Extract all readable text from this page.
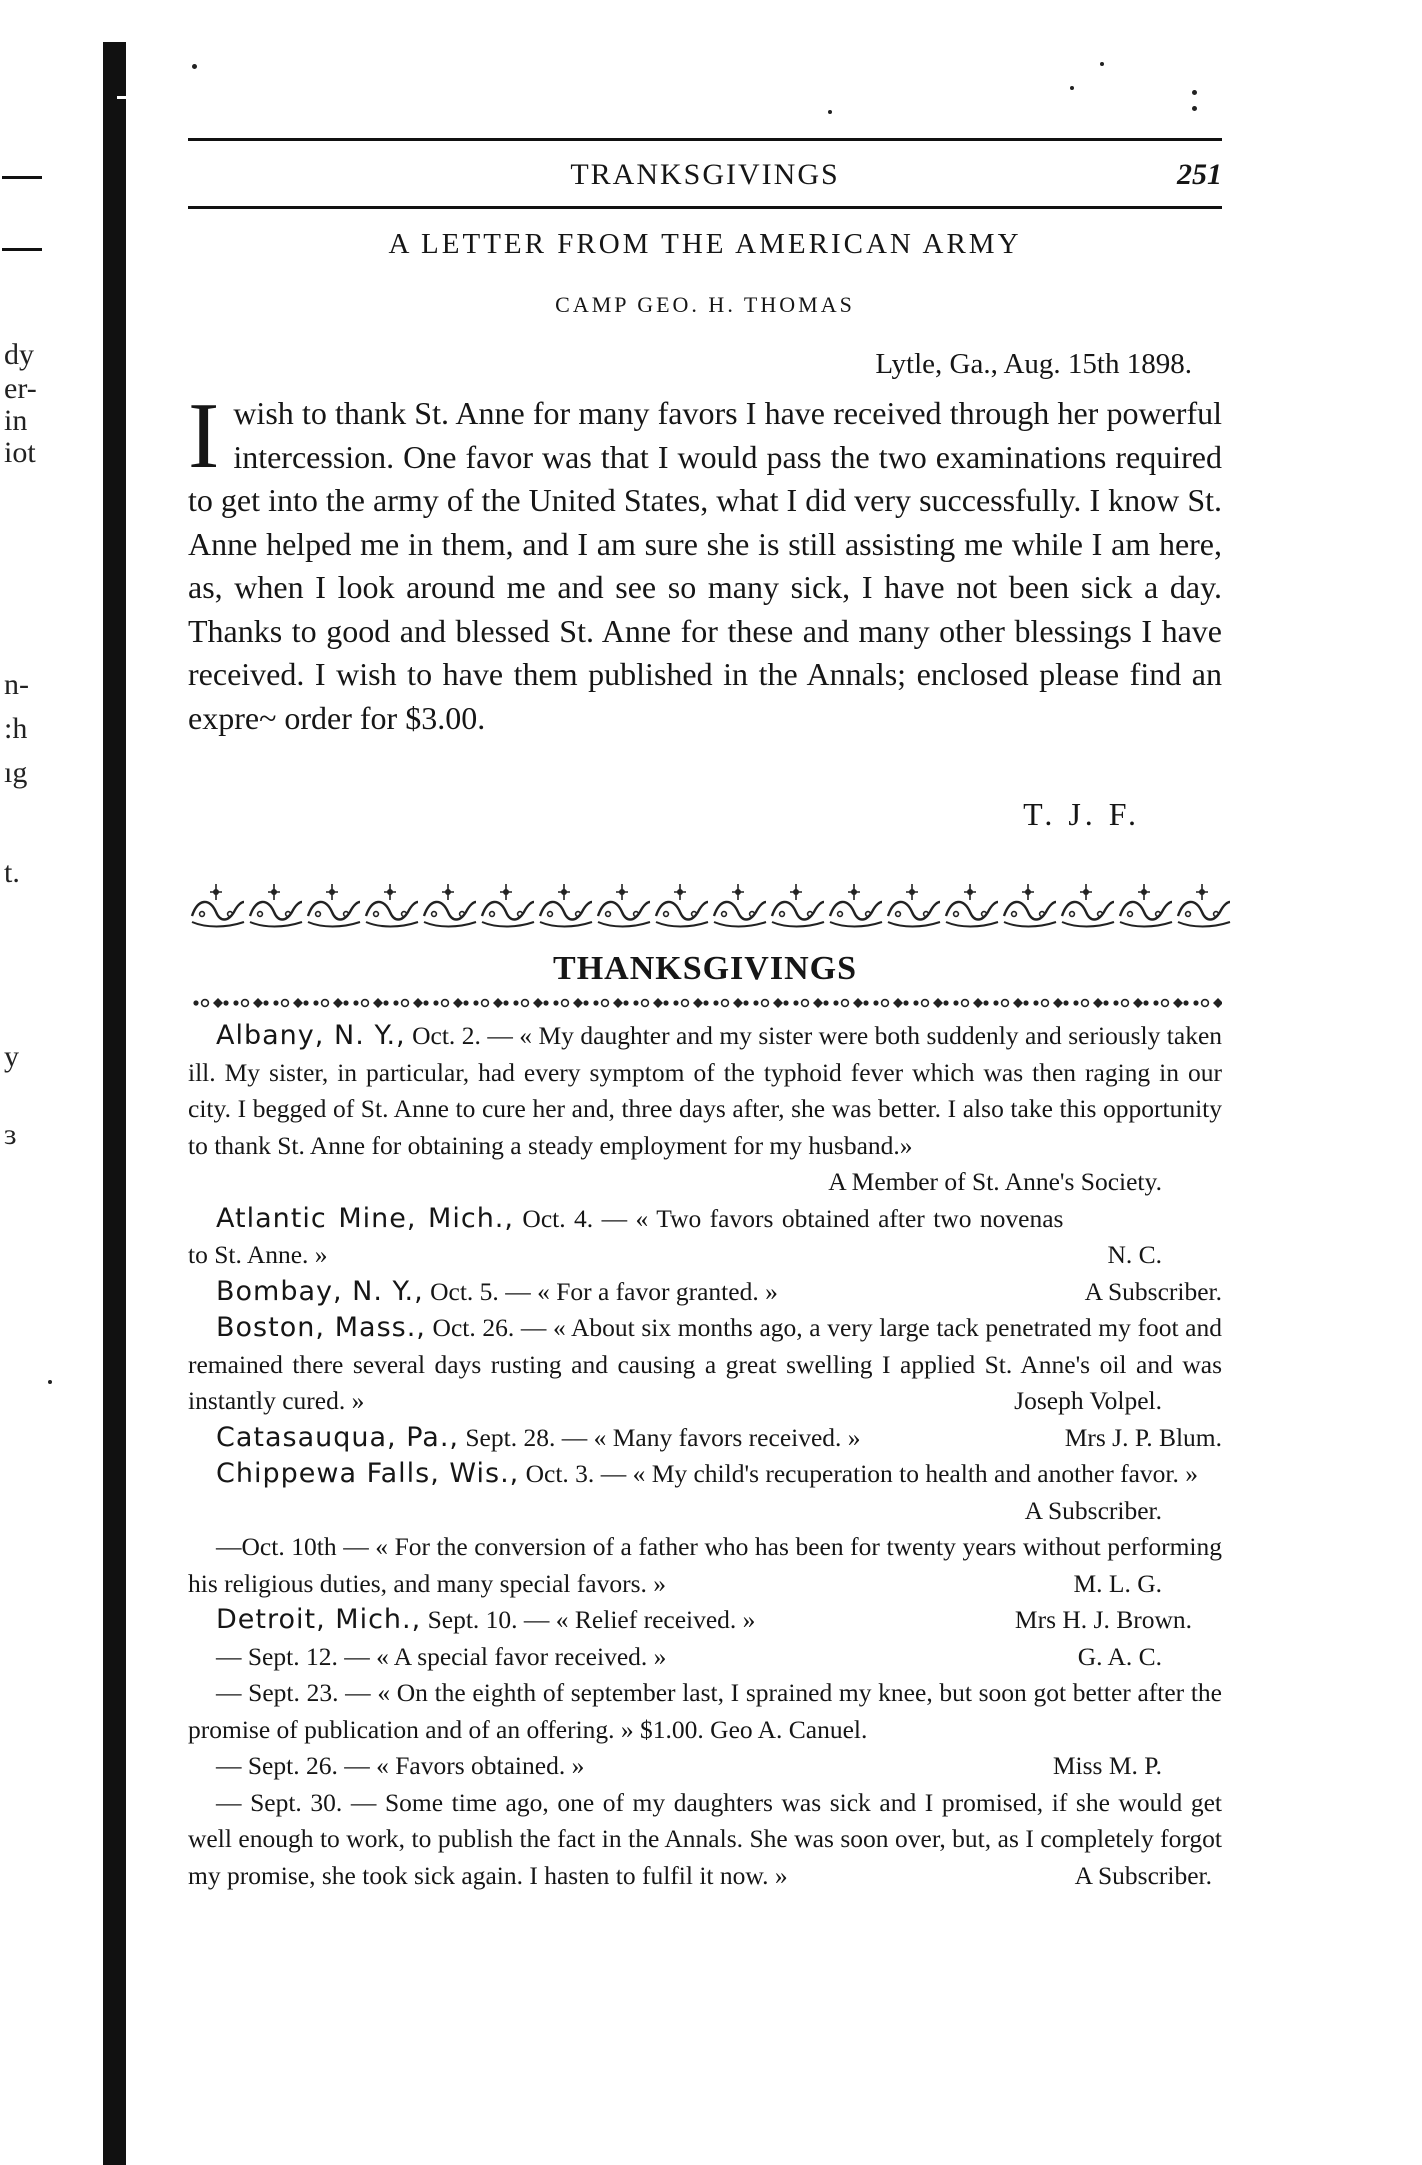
dy
er-
in
iot
n-
:h
ıg
t.
y
ɜ
TRANKSGIVINGS	251
A LETTER FROM THE AMERICAN ARMY
CAMP GEO. H. THOMAS
Lytle, Ga., Aug. 15th 1898.

Iwish to thank St. Anne for many favors I have received through her powerful intercession. One favor was that I would pass the two examinations required to get into the army of the United States, what I did very successfully. I know St. Anne helped me in them, and I am sure she is still assisting me while I am here, as, when I look around me and see so many sick, I have not been sick a day. Thanks to good and blessed St. Anne for these and many other blessings I have received. I wish to have them published in the Annals; enclosed please find an expre~ order for $3.00.

T. J. F.
THANKSGIVINGS

Albany, N. Y., Oct. 2. — « My daughter and my sister were both suddenly and seriously taken ill. My sister, in particular, had every symptom of the typhoid fever which was then raging in our city. I begged of St. Anne to cure her and, three days after, she was better. I also take this opportunity to thank St. Anne for obtaining a steady employment for my husband.»

A Member of St. Anne's Society.

N. C.
Atlantic Mine, Mich., Oct. 4. — « Two favors obtained after two novenas to St. Anne. »

A Subscriber.
Bombay, N. Y., Oct. 5. — « For a favor granted. »

Boston, Mass., Oct. 26. — « About six months ago, a very large tack penetrated my foot and remained there several days rusting and causing a great swelling I applied St. Anne's oil and was instantly cured. »	Joseph Volpel.

Mrs J. P. Blum.
Catasauqua, Pa., Sept. 28. — « Many favors received. »

Chippewa Falls, Wis., Oct. 3. — « My child's recuperation to health and another favor. »
A Subscriber.

—Oct. 10th — « For the conversion of a father who has been for twenty years without performing his religious duties, and many special favors. »	M. L. G.

Mrs H. J. Brown.
Detroit, Mich., Sept. 10. — « Relief received. »

G. A. C.
— Sept. 12. — « A special favor received. »

— Sept. 23. — « On the eighth of september last, I sprained my knee, but soon got better after the promise of publication and of an offering. » $1.00. Geo A. Canuel.

Miss M. P.
— Sept. 26. — « Favors obtained. »

— Sept. 30. — Some time ago, one of my daughters was sick and I promised, if she would get well enough to work, to publish the fact in the Annals. She was soon over, but, as I completely forgot my promise, she took sick again. I hasten to fulfil it now. »	A Subscriber.
